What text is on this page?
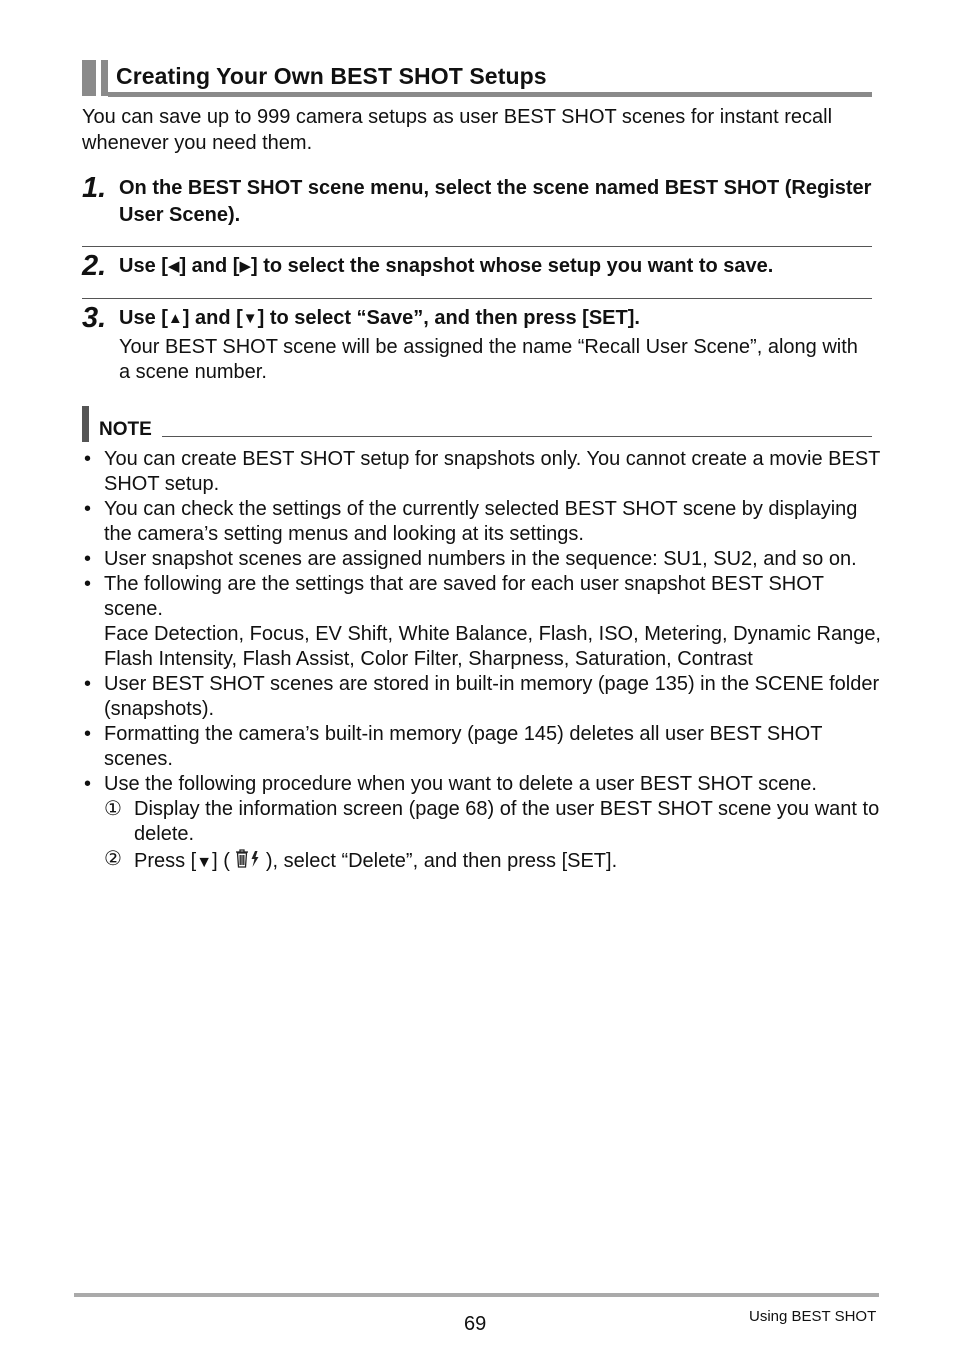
Creating Your Own BEST SHOT Setups
You can save up to 999 camera setups as user BEST SHOT scenes for instant recall whenever you need them.
1. On the BEST SHOT scene menu, select the scene named BEST SHOT (Register User Scene).
2. Use [◀] and [▶] to select the snapshot whose setup you want to save.
3. Use [▲] and [▼] to select “Save”, and then press [SET].
Your BEST SHOT scene will be assigned the name “Recall User Scene”, along with a scene number.
NOTE
• You can create BEST SHOT setup for snapshots only. You cannot create a movie BEST SHOT setup.
• You can check the settings of the currently selected BEST SHOT scene by displaying the camera’s setting menus and looking at its settings.
• User snapshot scenes are assigned numbers in the sequence: SU1, SU2, and so on.
• The following are the settings that are saved for each user snapshot BEST SHOT scene.
Face Detection, Focus, EV Shift, White Balance, Flash, ISO, Metering, Dynamic Range, Flash Intensity, Flash Assist, Color Filter, Sharpness, Saturation, Contrast
• User BEST SHOT scenes are stored in built-in memory (page 135) in the SCENE folder (snapshots).
• Formatting the camera’s built-in memory (page 145) deletes all user BEST SHOT scenes.
• Use the following procedure when you want to delete a user BEST SHOT scene.
① Display the information screen (page 68) of the user BEST SHOT scene you want to delete.
② Press [▼] ( ), select “Delete”, and then press [SET].
69	Using BEST SHOT
